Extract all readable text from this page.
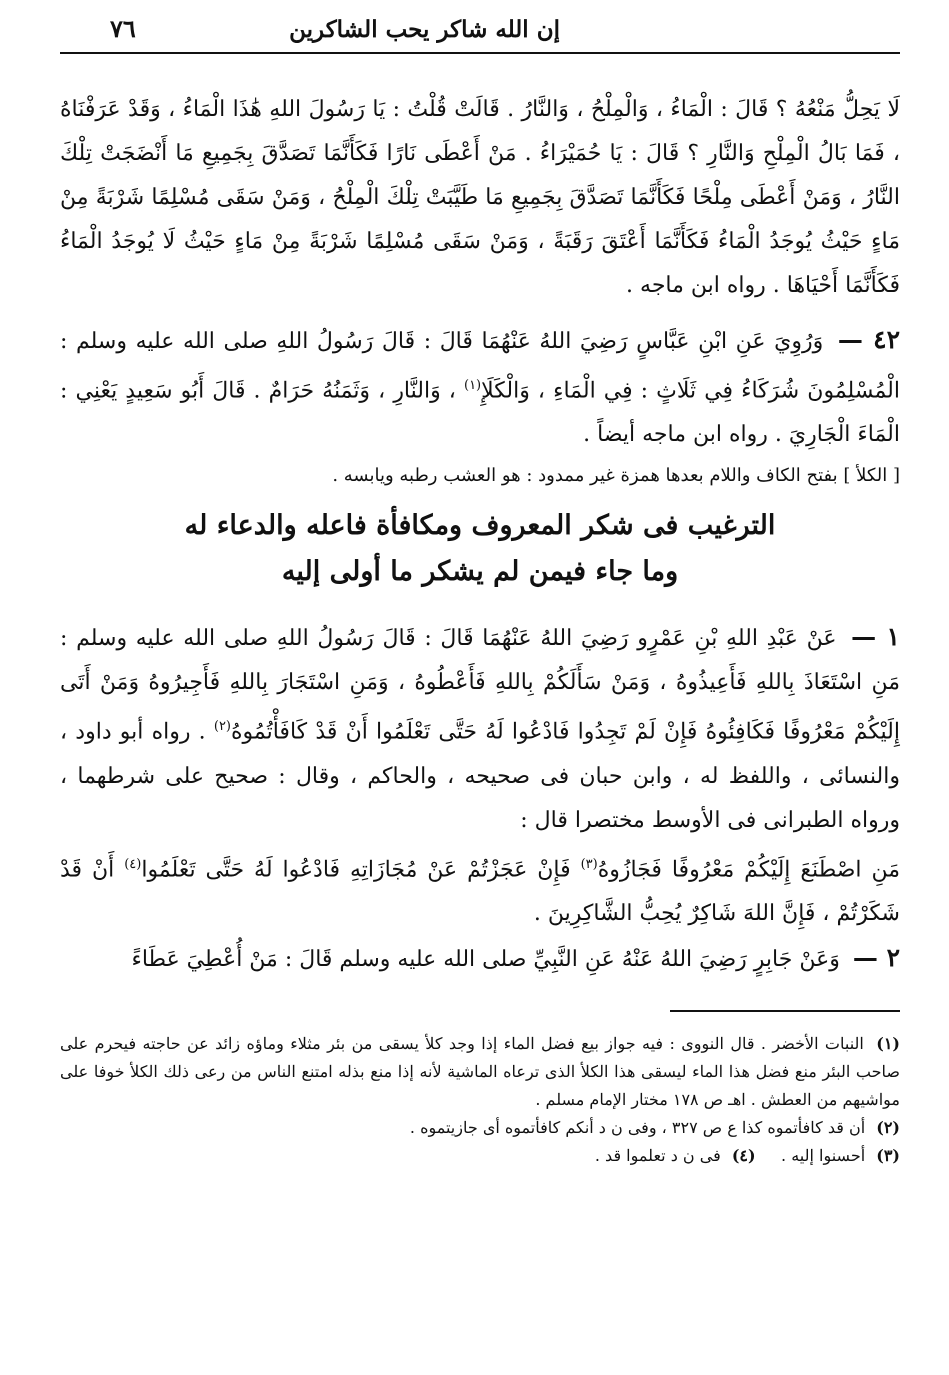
إن الله شاكر يحب الشاكرين
٧٦

لَا يَحِلُّ مَنْعُهُ ؟ قَالَ : الْمَاءُ ، وَالْمِلْحُ ، وَالنَّارُ . قَالَتْ قُلْتُ : يَا رَسُولَ اللهِ هَٰذَا الْمَاءُ ، وَقَدْ عَرَفْنَاهُ ، فَمَا بَالُ الْمِلْحِ وَالنَّارِ ؟ قَالَ : يَا حُمَيْرَاءُ . مَنْ أَعْطَى نَارًا فَكَأَنَّمَا تَصَدَّقَ بِجَمِيعِ مَا أَنْضَجَتْ تِلْكَ النَّارُ ، وَمَنْ أَعْطَى مِلْحًا فَكَأَنَّمَا تَصَدَّقَ بِجَمِيعِ مَا طَيَّبَتْ تِلْكَ الْمِلْحُ ، وَمَنْ سَقَى مُسْلِمًا شَرْبَةً مِنْ مَاءٍ حَيْثُ يُوجَدُ الْمَاءُ فَكَأَنَّمَا أَعْتَقَ رَقَبَةً ، وَمَنْ سَقَى مُسْلِمًا شَرْبَةً مِنْ مَاءٍ حَيْثُ لَا يُوجَدُ الْمَاءُ فَكَأَنَّمَا أَحْيَاهَا . رواه ابن ماجه .

٤٢ — وَرُوِيَ عَنِ ابْنِ عَبَّاسٍ رَضِيَ اللهُ عَنْهُمَا قَالَ : قَالَ رَسُولُ اللهِ صلى الله عليه وسلم : الْمُسْلِمُونَ شُرَكَاءُ فِي ثَلَاثٍ : فِي الْمَاءِ ، وَالْكَلَإِ$^{(١)}$ ، وَالنَّارِ ، وَثَمَنُهُ حَرَامٌ . قَالَ أَبُو سَعِيدٍ يَعْنِي : الْمَاءَ الْجَارِيَ . رواه ابن ماجه أيضاً .

[ الكلأ ] بفتح الكاف واللام بعدها همزة غير ممدود : هو العشب رطبه ويابسه .

الترغيب فى شكر المعروف ومكافأة فاعله والدعاء له
وما جاء فيمن لم يشكر ما أولى إليه

١ — عَنْ عَبْدِ اللهِ بْنِ عَمْرٍو رَضِيَ اللهُ عَنْهُمَا قَالَ : قَالَ رَسُولُ اللهِ صلى الله عليه وسلم : مَنِ اسْتَعَاذَ بِاللهِ فَأَعِيذُوهُ ، وَمَنْ سَأَلَكُمْ بِاللهِ فَأَعْطُوهُ ، وَمَنِ اسْتَجَارَ بِاللهِ فَأَجِيرُوهُ وَمَنْ أَتَى إِلَيْكُمْ مَعْرُوفًا فَكَافِئُوهُ فَإِنْ لَمْ تَجِدُوا فَادْعُوا لَهُ حَتَّى تَعْلَمُوا أَنْ قَدْ كَافَأْتُمُوهُ$^{(٢)}$ . رواه أبو داود ، والنسائى ، واللفظ له ، وابن حبان فى صحيحه ، والحاكم ، وقال : صحيح على شرطهما ، ورواه الطبرانى فى الأوسط مختصرا قال :

مَنِ اصْطَنَعَ إِلَيْكُمْ مَعْرُوفًا فَجَازُوهُ$^{(٣)}$ فَإِنْ عَجَزْتُمْ عَنْ مُجَازَاتِهِ فَادْعُوا لَهُ حَتَّى تَعْلَمُوا$^{(٤)}$ أَنْ قَدْ شَكَرْتُمْ ، فَإِنَّ اللهَ شَاكِرٌ يُحِبُّ الشَّاكِرِينَ .

٢ — وَعَنْ جَابِرٍ رَضِيَ اللهُ عَنْهُ عَنِ النَّبِيِّ صلى الله عليه وسلم قَالَ : مَنْ أُعْطِيَ عَطَاءً

(١) النبات الأخضر . قال النووى : فيه جواز بيع فضل الماء إذا وجد كلأ يسقى من بئر مثلاء وماؤه زائد عن حاجته فيحرم على صاحب البئر منع فضل هذا الماء ليسقى هذا الكلأ الذى ترعاه الماشية لأنه إذا منع بذله امتنع الناس من رعى ذلك الكلأ خوفا على مواشيهم من العطش . اهـ ص ١٧٨ مختار الإمام مسلم .

(٢) أن قد كافأتموه كذا ع ص ٣٢٧ ، وفى ن د أنكم كافأتموه أى جازيتموه .

(٣) أحسنوا إليه .     (٤) فى ن د تعلموا قد .
